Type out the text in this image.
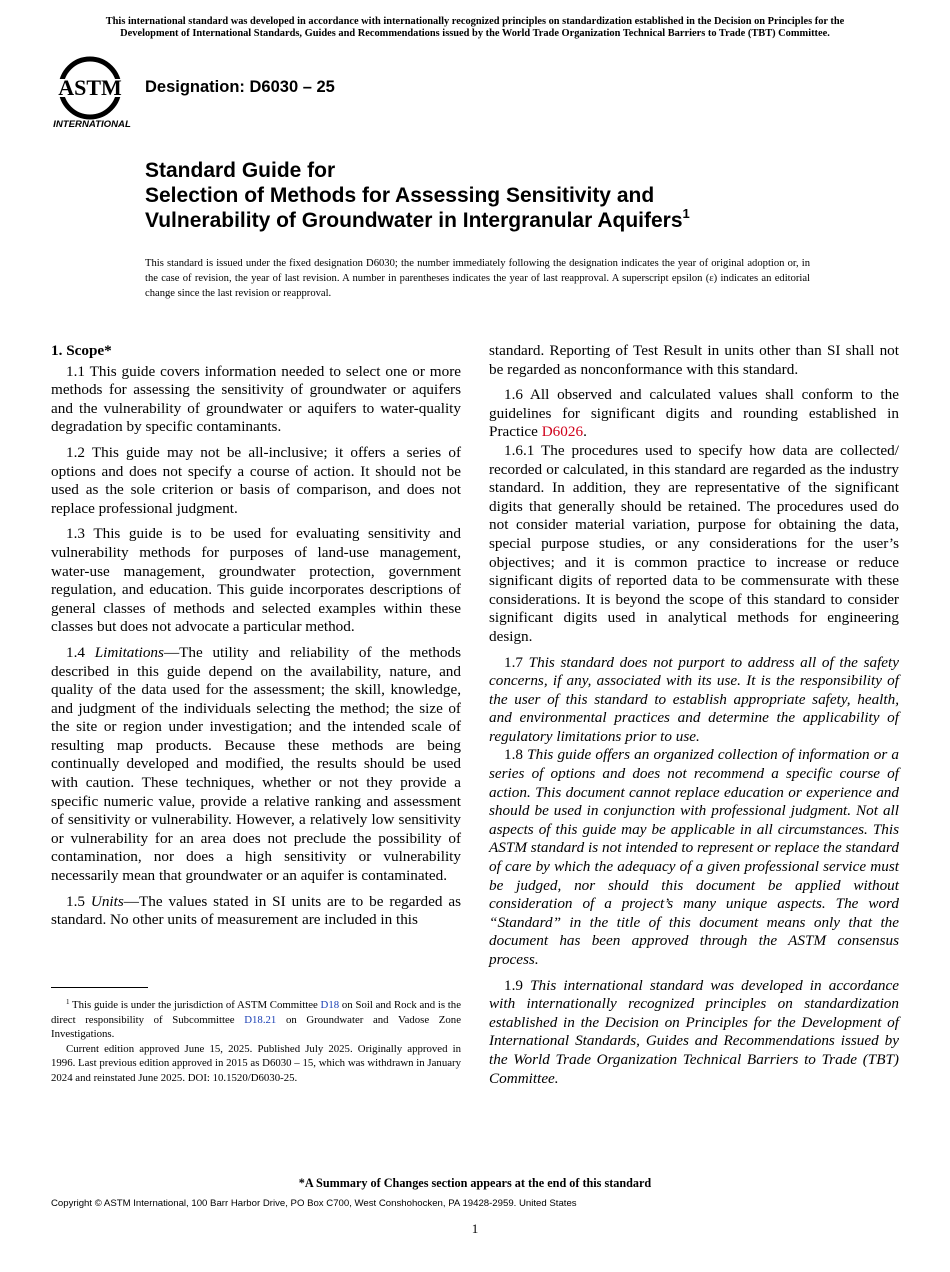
This international standard was developed in accordance with internationally recognized principles on standardization established in the Decision on Principles for the
Development of International Standards, Guides and Recommendations issued by the World Trade Organization Technical Barriers to Trade (TBT) Committee.
ASTM
INTERNATIONAL
Designation: D6030 – 25
Standard Guide for
Selection of Methods for Assessing Sensitivity and
Vulnerability of Groundwater in Intergranular Aquifers$^1$
This standard is issued under the fixed designation D6030; the number immediately following the designation indicates the year of original adoption or, in the case of revision, the year of last revision. A number in parentheses indicates the year of last reapproval. A superscript epsilon (ε) indicates an editorial change since the last revision or reapproval.
1. Scope*

1.1 This guide covers information needed to select one or more methods for assessing the sensitivity of groundwater or aquifers and the vulnerability of groundwater or aquifers to water-quality degradation by specific contaminants.

1.2 This guide may not be all-inclusive; it offers a series of options and does not specify a course of action. It should not be used as the sole criterion or basis of comparison, and does not replace professional judgment.

1.3 This guide is to be used for evaluating sensitivity and vulnerability methods for purposes of land-use management, water-use management, groundwater protection, government regulation, and education. This guide incorporates descriptions of general classes of methods and selected examples within these classes but does not advocate a particular method.

1.4 Limitations—The utility and reliability of the methods described in this guide depend on the availability, nature, and quality of the data used for the assessment; the skill, knowledge, and judgment of the individuals selecting the method; the size of the site or region under investigation; and the intended scale of resulting map products. Because these methods are being continually developed and modified, the results should be used with caution. These techniques, whether or not they provide a specific numeric value, provide a relative ranking and assessment of sensitivity or vulnerability. However, a relatively low sensitivity or vulnerability for an area does not preclude the possibility of contamination, nor does a high sensitivity or vulnerability necessarily mean that groundwater or an aquifer is contaminated.

1.5 Units—The values stated in SI units are to be regarded as standard. No other units of measurement are included in this

standard. Reporting of Test Result in units other than SI shall not be regarded as nonconformance with this standard.

1.6 All observed and calculated values shall conform to the guidelines for significant digits and rounding established in Practice D6026.

1.6.1 The procedures used to specify how data are collected/ recorded or calculated, in this standard are regarded as the industry standard. In addition, they are representative of the significant digits that generally should be retained. The procedures used do not consider material variation, purpose for obtaining the data, special purpose studies, or any considerations for the user’s objectives; and it is common practice to increase or reduce significant digits of reported data to be commensurate with these considerations. It is beyond the scope of this standard to consider significant digits used in analytical methods for engineering design.

1.7 This standard does not purport to address all of the safety concerns, if any, associated with its use. It is the responsibility of the user of this standard to establish appropriate safety, health, and environmental practices and determine the applicability of regulatory limitations prior to use.

1.8 This guide offers an organized collection of information or a series of options and does not recommend a specific course of action. This document cannot replace education or experience and should be used in conjunction with professional judgment. Not all aspects of this guide may be applicable in all circumstances. This ASTM standard is not intended to represent or replace the standard of care by which the adequacy of a given professional service must be judged, nor should this document be applied without consideration of a project’s many unique aspects. The word “Standard” in the title of this document means only that the document has been approved through the ASTM consensus process.

1.9 This international standard was developed in accordance with internationally recognized principles on standardization established in the Decision on Principles for the Development of International Standards, Guides and Recommendations issued by the World Trade Organization Technical Barriers to Trade (TBT) Committee.

$^1$ This guide is under the jurisdiction of ASTM Committee D18 on Soil and Rock and is the direct responsibility of Subcommittee D18.21 on Groundwater and Vadose Zone Investigations.

Current edition approved June 15, 2025. Published July 2025. Originally approved in 1996. Last previous edition approved in 2015 as D6030 – 15, which was withdrawn in January 2024 and reinstated June 2025. DOI: 10.1520/D6030-25.

*A Summary of Changes section appears at the end of this standard
Copyright © ASTM International, 100 Barr Harbor Drive, PO Box C700, West Conshohocken, PA 19428-2959. United States
1
